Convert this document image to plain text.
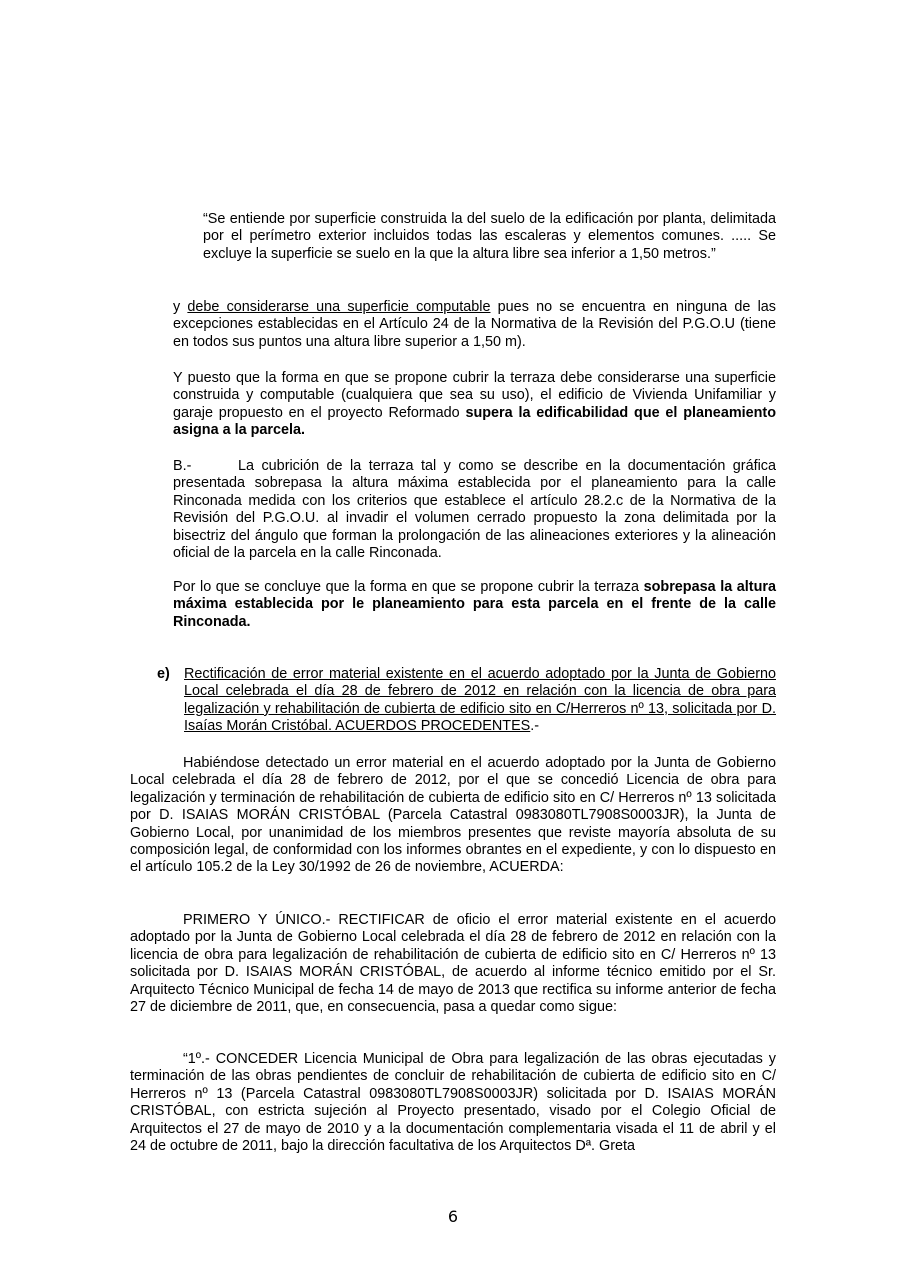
“Se entiende por superficie construida la del suelo de la edificación por planta, delimitada por el perímetro exterior incluidos todas las escaleras y elementos comunes. ..... Se excluye la superficie se suelo en la que la altura libre sea inferior a 1,50 metros.”

y debe considerarse una superficie computable pues no se encuentra en ninguna de las excepciones establecidas en el Artículo 24 de la Normativa de la Revisión del P.G.O.U (tiene en todos sus puntos una altura libre superior a 1,50 m).

Y puesto que la forma en que se propone cubrir la terraza debe considerarse una superficie construida y computable (cualquiera que sea su uso), el edificio de Vivienda Unifamiliar y garaje propuesto en el proyecto Reformado supera la edificabilidad que el planeamiento asigna a la parcela.

B.-	La cubrición de la terraza tal y como se describe en la documentación gráfica presentada sobrepasa la altura máxima establecida por el planeamiento para la calle Rinconada medida con los criterios que establece el artículo 28.2.c de la Normativa de la Revisión del P.G.O.U. al invadir el volumen cerrado propuesto la zona delimitada por la bisectriz del ángulo que forman la prolongación de las alineaciones exteriores y la alineación oficial de la parcela en la calle Rinconada.

Por lo que se concluye que la forma en que se propone cubrir la terraza sobrepasa la altura máxima establecida por le planeamiento para esta parcela en el frente de la calle Rinconada.

e) Rectificación de error material existente en el acuerdo adoptado por la Junta de Gobierno Local celebrada el día 28 de febrero de 2012 en relación con la licencia de obra para legalización y rehabilitación de cubierta de edificio sito en C/Herreros nº 13, solicitada por D. Isaías Morán Cristóbal. ACUERDOS PROCEDENTES.-

Habiéndose detectado un error material en el acuerdo adoptado por la Junta de Gobierno Local celebrada el día 28 de febrero de 2012, por el que se concedió Licencia de obra para legalización y terminación de rehabilitación de cubierta de edificio sito en C/ Herreros nº 13 solicitada por D. ISAIAS MORÁN CRISTÓBAL (Parcela Catastral 0983080TL7908S0003JR), la Junta de Gobierno Local, por unanimidad de los miembros presentes que reviste mayoría absoluta de su composición legal, de conformidad con los informes obrantes en el expediente, y con lo dispuesto en el artículo 105.2 de la Ley 30/1992 de 26 de noviembre, ACUERDA:

PRIMERO Y ÚNICO.- RECTIFICAR de oficio el error material existente en el acuerdo adoptado por la Junta de Gobierno Local celebrada el día 28 de febrero de 2012 en relación con la licencia de obra para legalización de rehabilitación de cubierta de edificio sito en C/ Herreros nº 13 solicitada por D. ISAIAS MORÁN CRISTÓBAL, de acuerdo al informe técnico emitido por el Sr. Arquitecto Técnico Municipal de fecha 14 de mayo de 2013 que rectifica su informe anterior de fecha 27 de diciembre de 2011, que, en consecuencia, pasa a quedar como sigue:

“1º.- CONCEDER Licencia Municipal de Obra para legalización de las obras ejecutadas y terminación de las obras pendientes de concluir de rehabilitación de cubierta de edificio sito en C/ Herreros nº 13 (Parcela Catastral 0983080TL7908S0003JR) solicitada por D. ISAIAS MORÁN CRISTÓBAL, con estricta sujeción al Proyecto presentado, visado por el Colegio Oficial de Arquitectos el 27 de mayo de 2010 y a la documentación complementaria visada el 11 de abril y el 24 de octubre de 2011, bajo la dirección facultativa de los Arquitectos Dª. Greta

6
